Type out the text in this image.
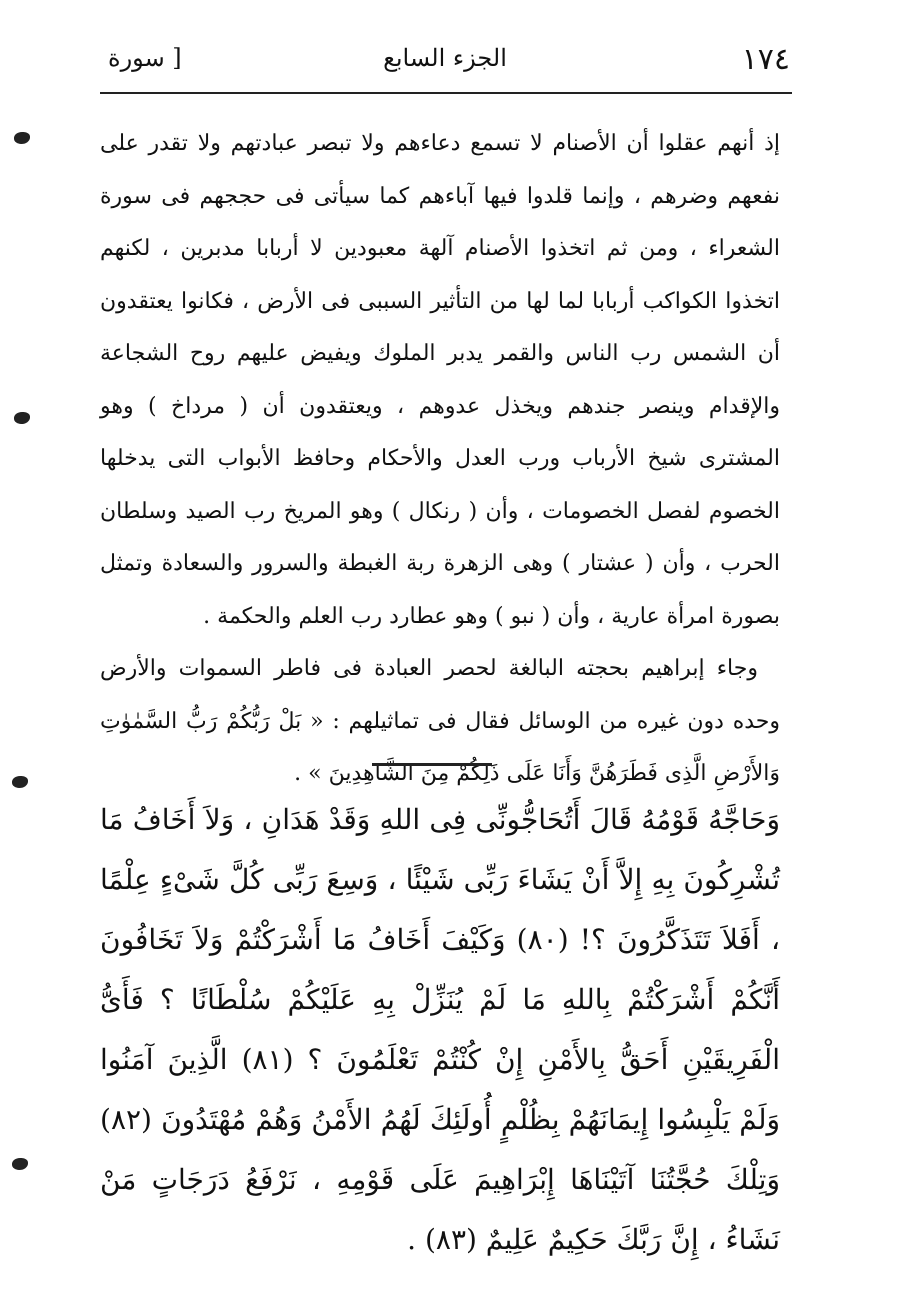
١٧٤
الجزء السابع
[ سورة

إذ أنهم عقلوا أن الأصنام لا تسمع دعاءهم ولا تبصر عبادتهم ولا تقدر على نفعهم وضرهم ، وإنما قلدوا فيها آباءهم كما سيأتى فى حججهم فى سورة الشعراء ، ومن ثم اتخذوا الأصنام آلهة معبودين لا أربابا مدبرين ، لكنهم اتخذوا الكواكب أربابا لما لها من التأثير السببى فى الأرض ، فكانوا يعتقدون أن الشمس رب الناس والقمر يدبر الملوك ويفيض عليهم روح الشجاعة والإقدام وينصر جندهم ويخذل عدوهم ، ويعتقدون أن ( مرداخ ) وهو المشترى شيخ الأرباب ورب العدل والأحكام وحافظ الأبواب التى يدخلها الخصوم لفصل الخصومات ، وأن ( رنكال ) وهو المريخ رب الصيد وسلطان الحرب ، وأن ( عشتار ) وهى الزهرة ربة الغبطة والسرور والسعادة وتمثل بصورة امرأة عارية ، وأن ( نبو ) وهو عطارد رب العلم والحكمة .

وجاء إبراهيم بحجته البالغة لحصر العبادة فى فاطر السموات والأرض وحده دون غيره من الوسائل فقال فى تماثيلهم : « بَلْ رَبُّكُمْ رَبُّ السَّمٰوٰتِ وَالأَرْضِ الَّذِى فَطَرَهُنَّ وَأَنَا عَلَى ذَلِكُمْ مِنَ الشَّاهِدِينَ » .

وَحَاجَّهُ قَوْمُهُ قَالَ أَتُحَاجُّونِّى فِى اللهِ وَقَدْ هَدَانِ ، وَلاَ أَخَافُ مَا تُشْرِكُونَ بِهِ إِلاَّ أَنْ يَشَاءَ رَبِّى شَيْئًا ، وَسِعَ رَبِّى كُلَّ شَىْءٍ عِلْمًا ، أَفَلاَ تَتَذَكَّرُونَ ؟! (٨٠) وَكَيْفَ أَخَافُ مَا أَشْرَكْتُمْ وَلاَ تَخَافُونَ أَنَّكُمْ أَشْرَكْتُمْ بِاللهِ مَا لَمْ يُنَزِّلْ بِهِ عَلَيْكُمْ سُلْطَانًا ؟ فَأَىُّ الْفَرِيقَيْنِ أَحَقُّ بِالأَمْنِ إِنْ كُنْتُمْ تَعْلَمُونَ ؟ (٨١) الَّذِينَ آمَنُوا وَلَمْ يَلْبِسُوا إِيمَانَهُمْ بِظُلْمٍ أُولَئِكَ لَهُمُ الأَمْنُ وَهُمْ مُهْتَدُونَ (٨٢) وَتِلْكَ حُجَّتُنَا آتَيْنَاهَا إِبْرَاهِيمَ عَلَى قَوْمِهِ ، نَرْفَعُ دَرَجَاتٍ مَنْ نَشَاءُ ، إِنَّ رَبَّكَ حَكِيمٌ عَلِيمٌ (٨٣) .
